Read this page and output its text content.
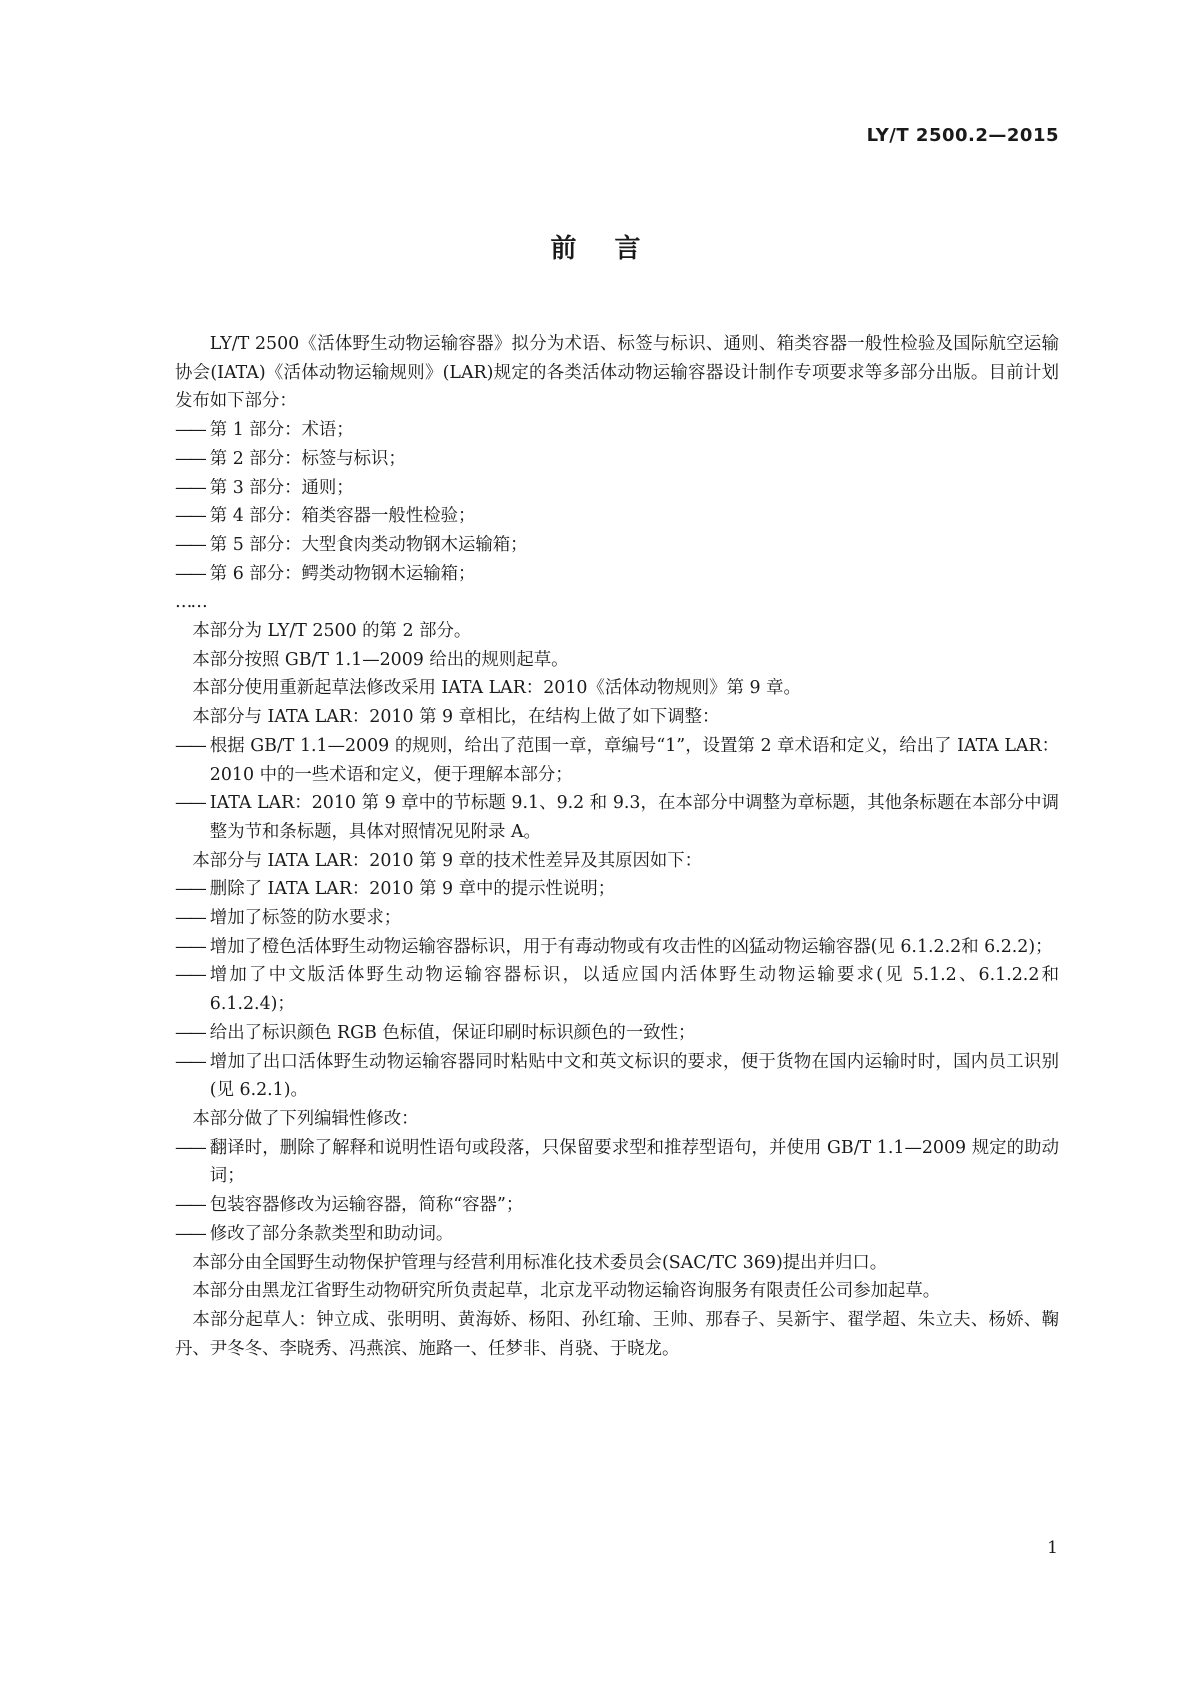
LY/T 2500.2—2015
前言

LY/T 2500《活体野生动物运输容器》拟分为术语、标签与标识、通则、箱类容器一般性检验及国际航空运输协会(IATA)《活体动物运输规则》(LAR)规定的各类活体动物运输容器设计制作专项要求等多部分出版。目前计划发布如下部分：

—— 第 1 部分：术语；
—— 第 2 部分：标签与标识；
—— 第 3 部分：通则；
—— 第 4 部分：箱类容器一般性检验；
—— 第 5 部分：大型食肉类动物钢木运输箱；
—— 第 6 部分：鳄类动物钢木运输箱；

……

本部分为 LY/T 2500 的第 2 部分。

本部分按照 GB/T 1.1—2009 给出的规则起草。

本部分使用重新起草法修改采用 IATA LAR：2010《活体动物规则》第 9 章。

本部分与 IATA LAR：2010 第 9 章相比，在结构上做了如下调整：

—— 根据 GB/T 1.1—2009 的规则，给出了范围一章，章编号“1”，设置第 2 章术语和定义，给出了 IATA LAR：2010 中的一些术语和定义，便于理解本部分；
—— IATA LAR：2010 第 9 章中的节标题 9.1、9.2 和 9.3，在本部分中调整为章标题，其他条标题在本部分中调整为节和条标题，具体对照情况见附录 A。

本部分与 IATA LAR：2010 第 9 章的技术性差异及其原因如下：

—— 删除了 IATA LAR：2010 第 9 章中的提示性说明；
—— 增加了标签的防水要求；
—— 增加了橙色活体野生动物运输容器标识，用于有毒动物或有攻击性的凶猛动物运输容器(见 6.1.2.2和 6.2.2)；
—— 增加了中文版活体野生动物运输容器标识，以适应国内活体野生动物运输要求(见 5.1.2、6.1.2.2和 6.1.2.4)；
—— 给出了标识颜色 RGB 色标值，保证印刷时标识颜色的一致性；
—— 增加了出口活体野生动物运输容器同时粘贴中文和英文标识的要求，便于货物在国内运输时时，国内员工识别(见 6.2.1)。

本部分做了下列编辑性修改：

—— 翻译时，删除了解释和说明性语句或段落，只保留要求型和推荐型语句，并使用 GB/T 1.1—2009 规定的助动词；
—— 包装容器修改为运输容器，简称“容器”；
—— 修改了部分条款类型和助动词。

本部分由全国野生动物保护管理与经营利用标准化技术委员会(SAC/TC 369)提出并归口。

本部分由黑龙江省野生动物研究所负责起草，北京龙平动物运输咨询服务有限责任公司参加起草。

本部分起草人：钟立成、张明明、黄海娇、杨阳、孙红瑜、王帅、那春子、吴新宇、翟学超、朱立夫、杨娇、鞠丹、尹冬冬、李晓秀、冯燕滨、施路一、任梦非、肖骁、于晓龙。

1
